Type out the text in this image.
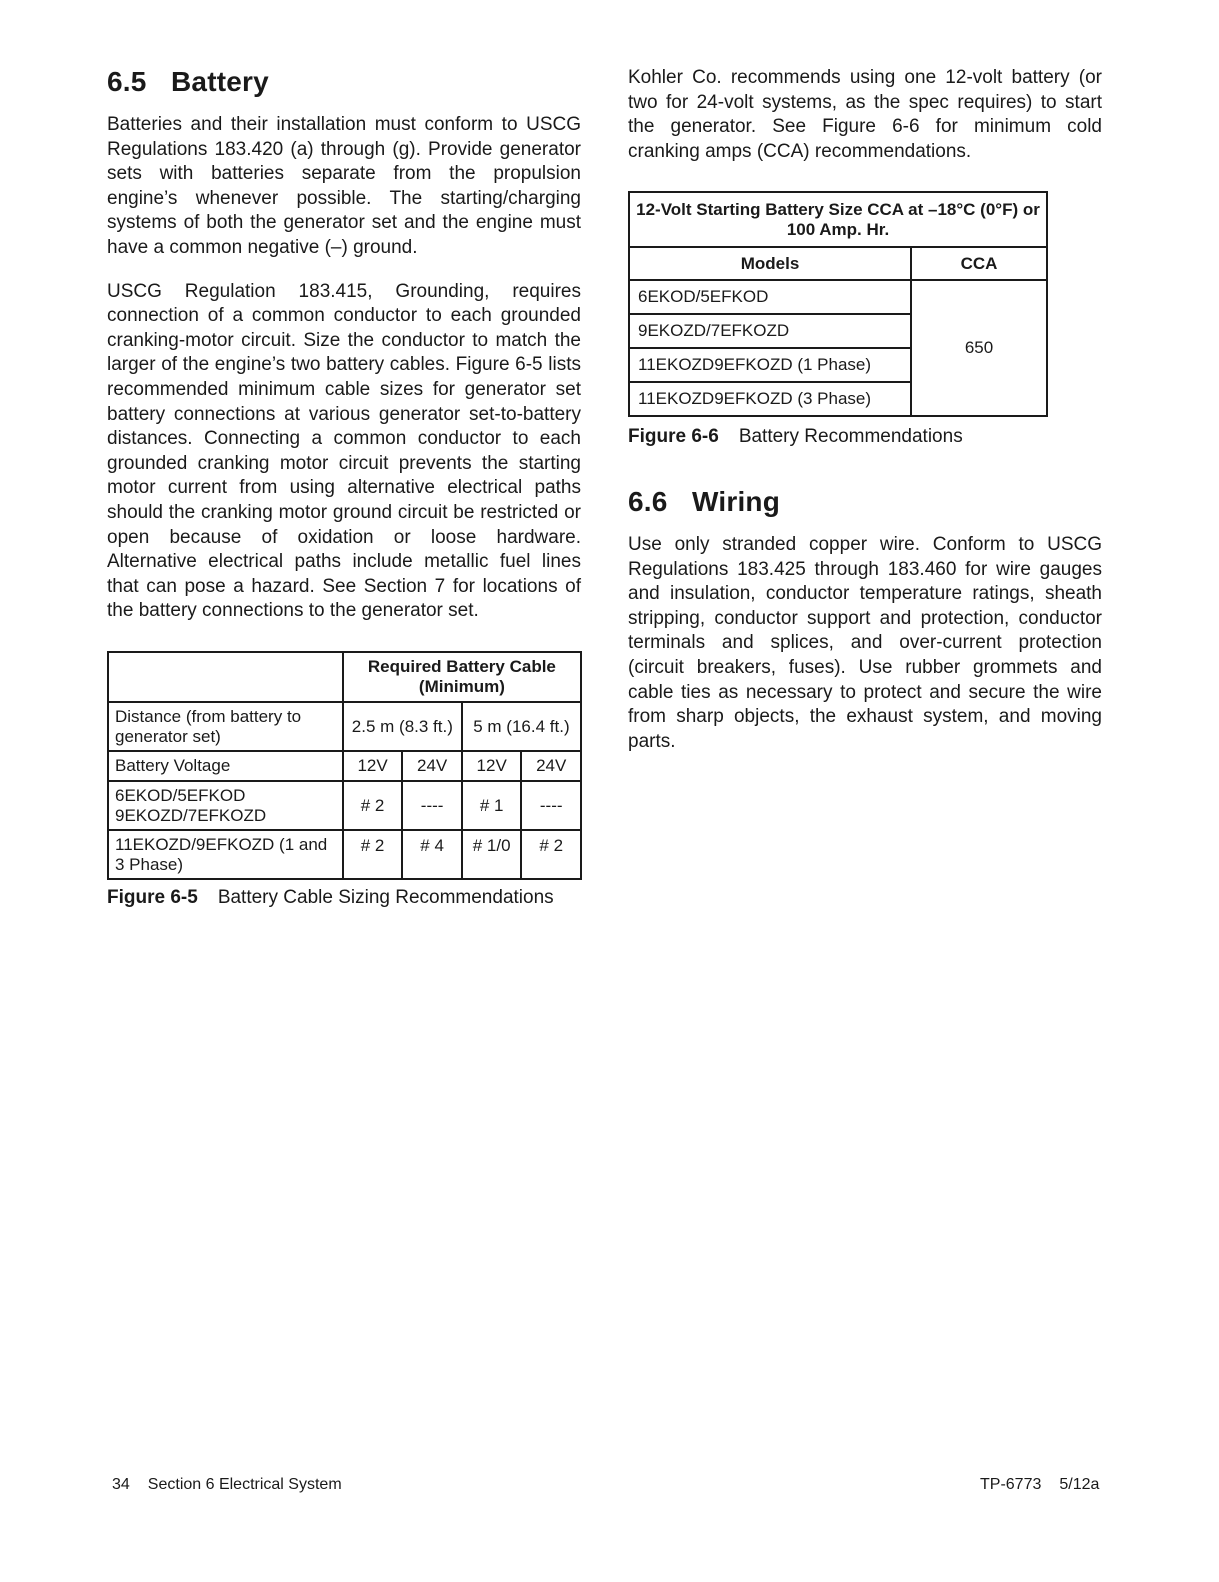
6.5 Battery

Batteries and their installation must conform to USCG Regulations 183.420 (a) through (g). Provide generator sets with batteries separate from the propulsion engine’s whenever possible. The starting/charging systems of both the generator set and the engine must have a common negative (–) ground.

USCG Regulation 183.415, Grounding, requires connection of a common conductor to each grounded cranking-motor circuit. Size the conductor to match the larger of the engine’s two battery cables. Figure 6-5 lists recommended minimum cable sizes for generator set battery connections at various generator set-to-battery distances. Connecting a common conductor to each grounded cranking motor circuit prevents the starting motor current from using alternative electrical paths should the cranking motor ground circuit be restricted or open because of oxidation or loose hardware. Alternative electrical paths include metallic fuel lines that can pose a hazard. See Section 7 for locations of the battery connections to the generator set.

	Required Battery Cable (Minimum)			
Distance (from battery to generator set)	2.5 m (8.3 ft.)		5 m (16.4 ft.)	
Battery Voltage	12V	24V	12V	24V
6EKOD/5EFKOD 9EKOZD/7EFKOZD	# 2	----	# 1	----
11EKOZD/9EFKOZD (1 and 3 Phase)	# 2	# 4	# 1/0	# 2
Figure 6-5 Battery Cable Sizing Recommendations

Kohler Co. recommends using one 12-volt battery (or two for 24-volt systems, as the spec requires) to start the generator. See Figure 6-6 for minimum cold cranking amps (CCA) recommendations.

12-Volt Starting Battery Size CCA at –18°C (0°F) or 100 Amp. Hr.	
Models	CCA
6EKOD/5EFKOD	650
9EKOZD/7EFKOZD	
11EKOZD9EFKOZD (1 Phase)	
11EKOZD9EFKOZD (3 Phase)	
Figure 6-6 Battery Recommendations
6.6 Wiring

Use only stranded copper wire. Conform to USCG Regulations 183.425 through 183.460 for wire gauges and insulation, conductor temperature ratings, sheath stripping, conductor support and protection, conductor terminals and splices, and over-current protection (circuit breakers, fuses). Use rubber grommets and cable ties as necessary to protect and secure the wire from sharp objects, the exhaust system, and moving parts.

34 Section 6 Electrical System	TP-6773 5/12a
